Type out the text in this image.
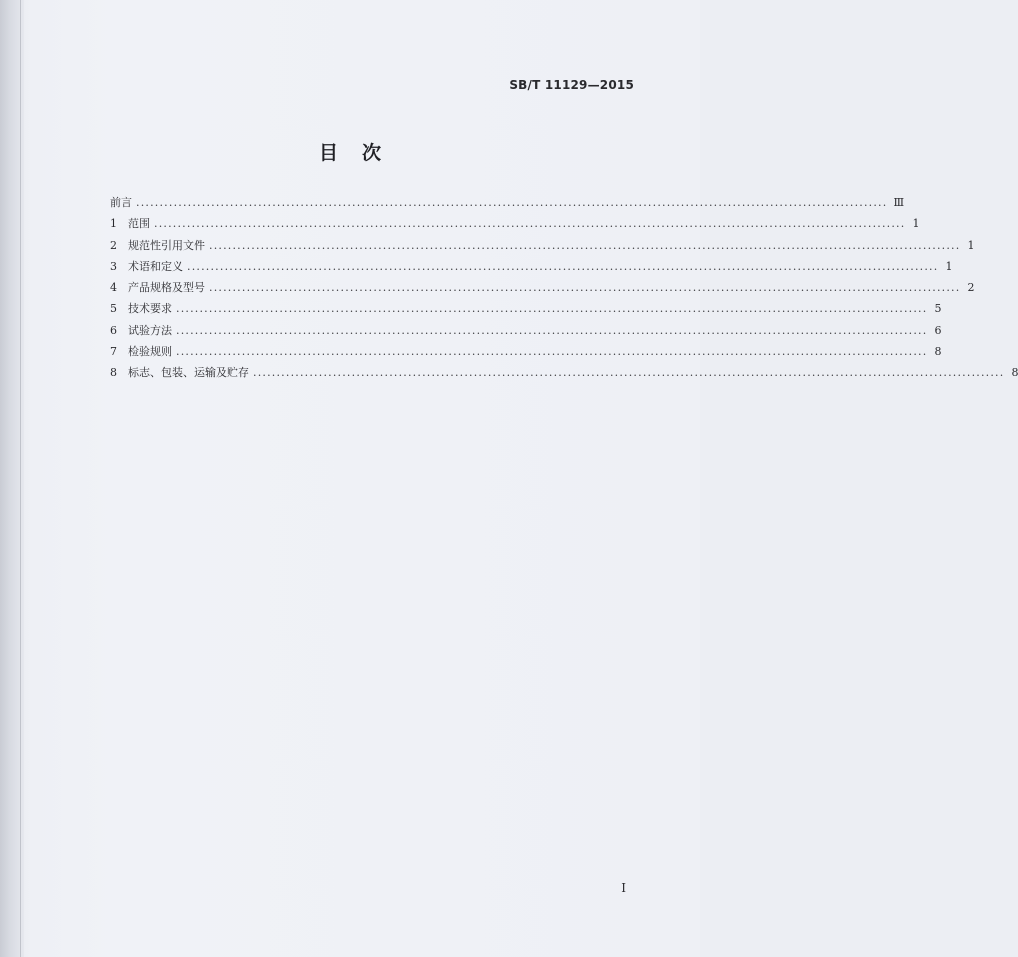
SB/T 11129—2015
目次
前言 ................................................................................................................................................................ Ⅲ
1	范围 ................................................................................................................................................................ 1
2	规范性引用文件 ................................................................................................................................................................ 1
3	术语和定义 ................................................................................................................................................................ 1
4	产品规格及型号 ................................................................................................................................................................ 2
5	技术要求 ................................................................................................................................................................ 5
6	试验方法 ................................................................................................................................................................ 6
7	检验规则 ................................................................................................................................................................ 8
8	标志、包装、运输及贮存 ................................................................................................................................................................ 8
I
